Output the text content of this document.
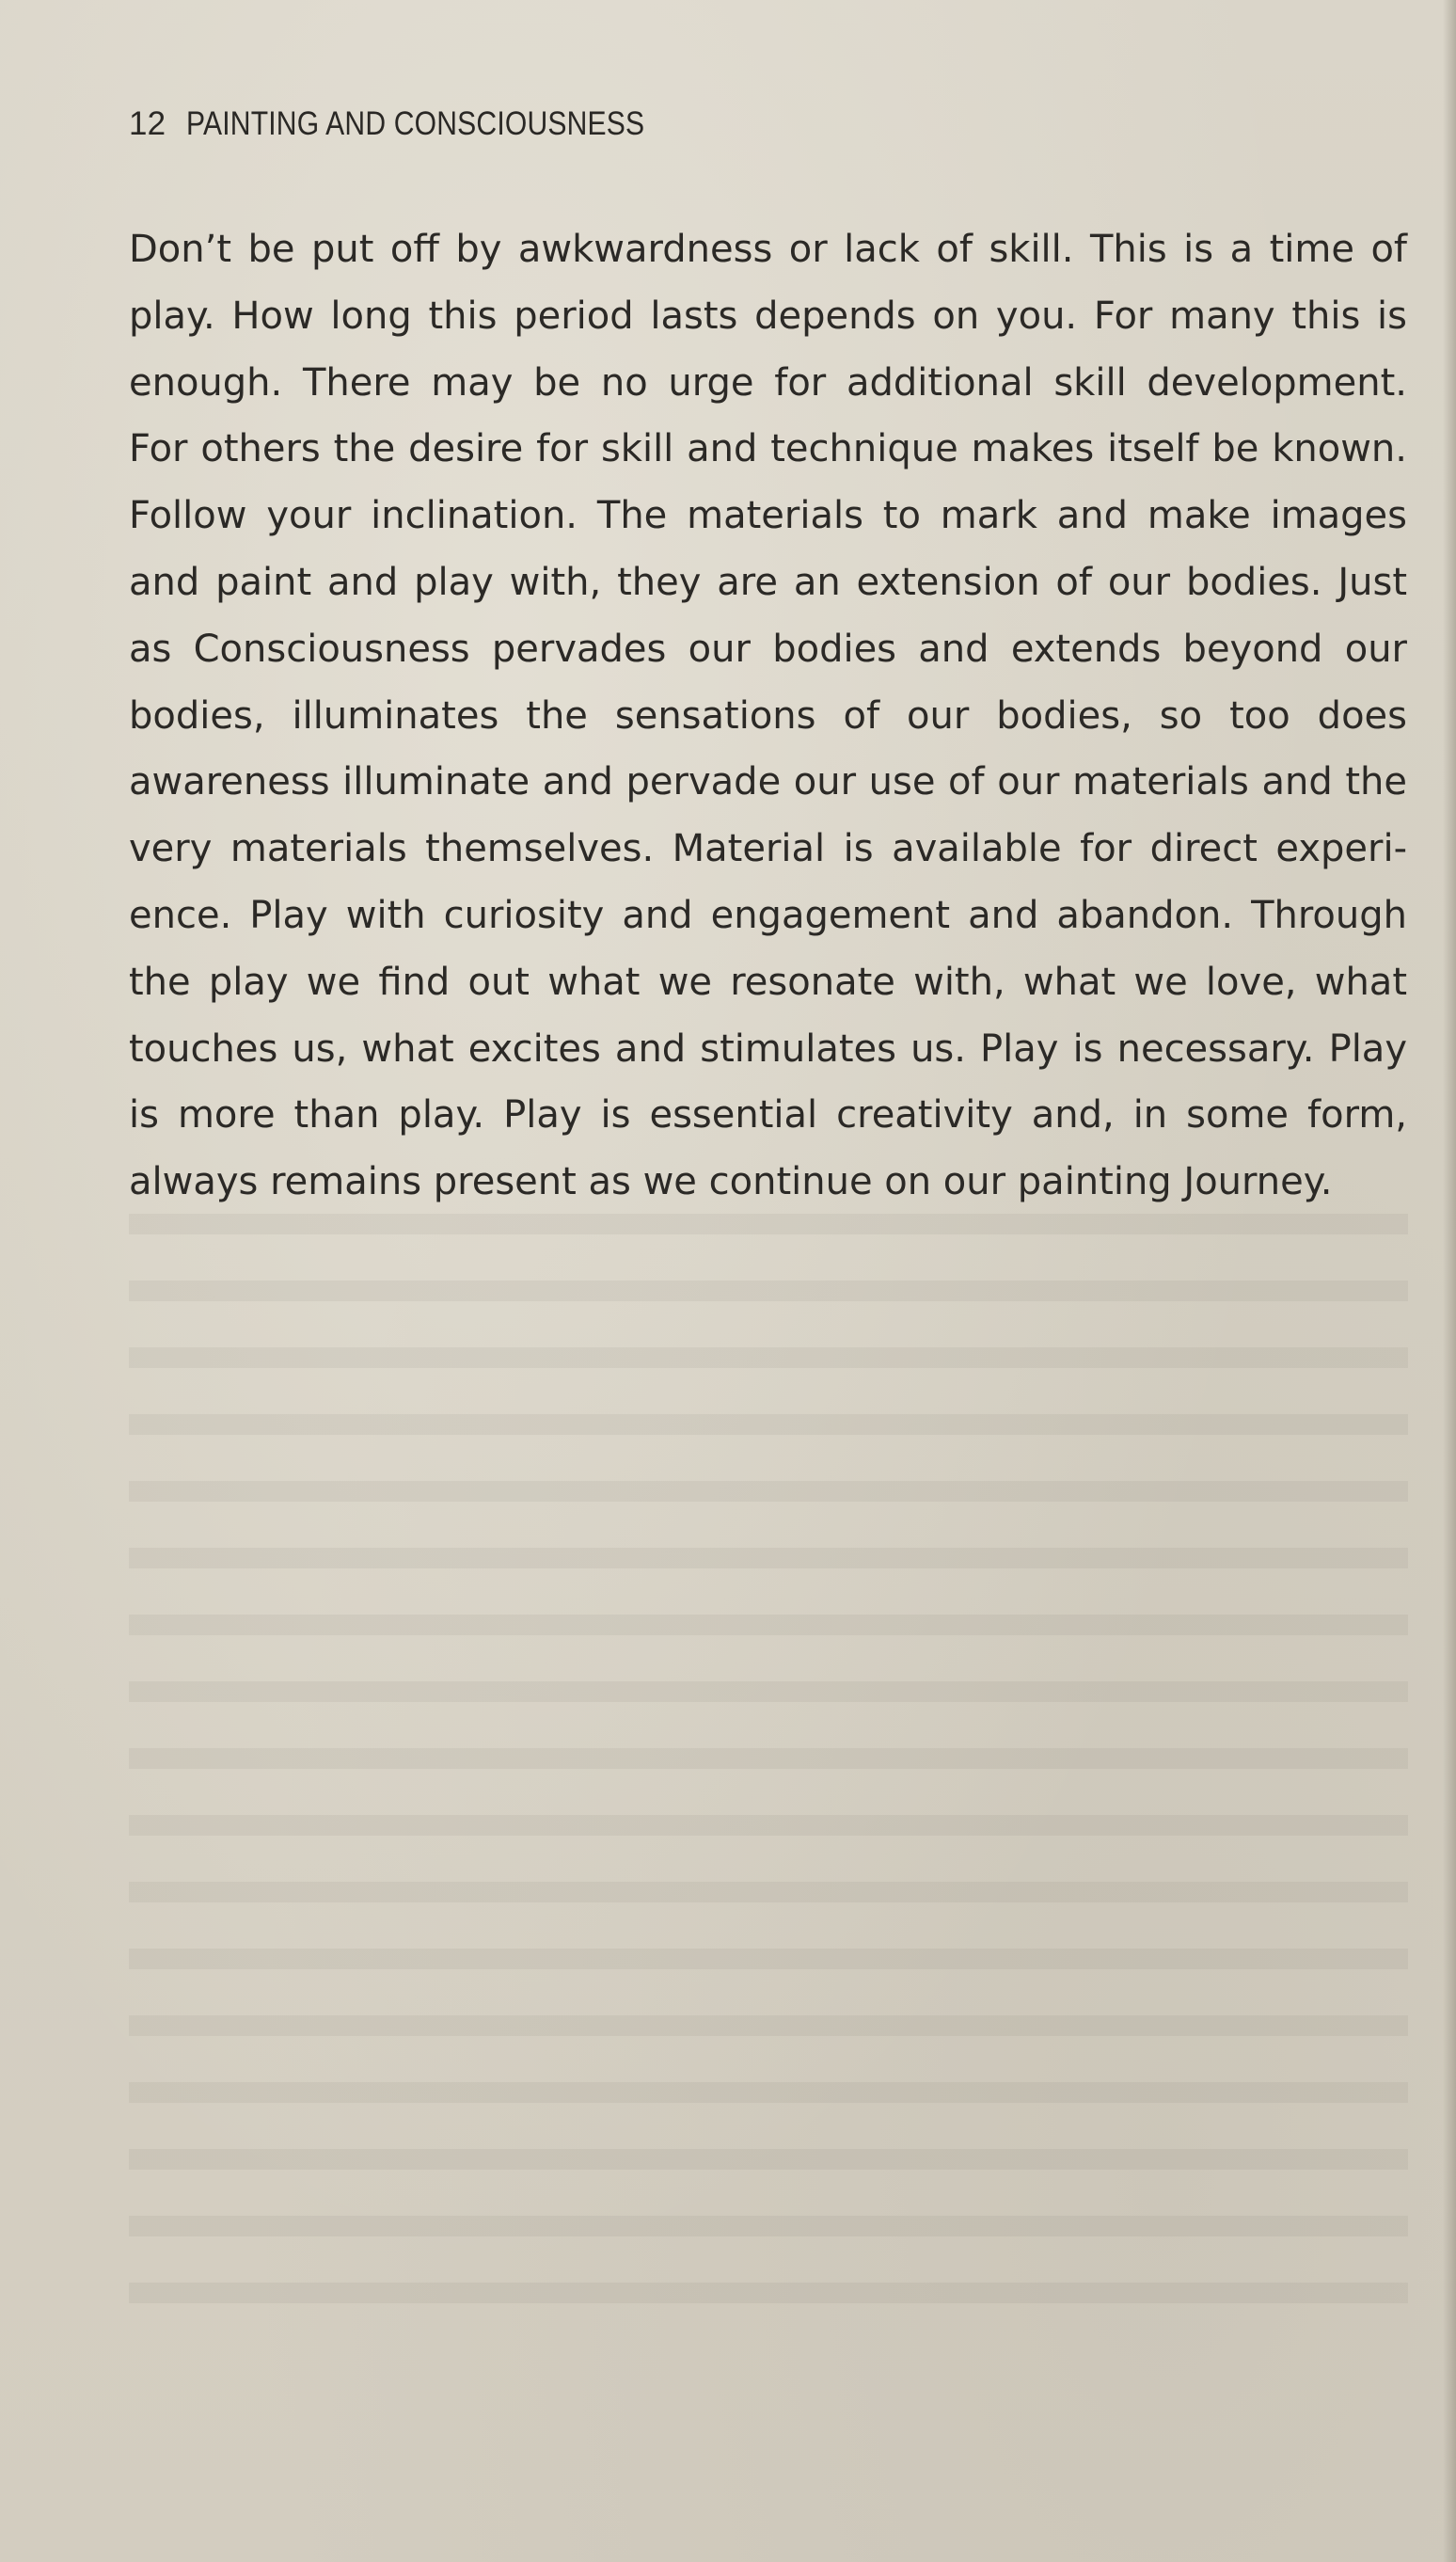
12 PAINTING AND CONSCIOUSNESS
Don’t be put off by awkwardness or lack of skill. This is a time of
play. How long this period lasts depends on you. For many this is
enough. There may be no urge for additional skill development.
For others the desire for skill and technique makes itself be known.
Follow your inclination. The materials to mark and make images
and paint and play with, they are an extension of our bodies. Just
as Consciousness pervades our bodies and extends beyond our
bodies, illuminates the sensations of our bodies, so too does
awareness illuminate and pervade our use of our materials and the
very materials themselves. Material is available for direct experi-
ence. Play with curiosity and engagement and abandon. Through
the play we find out what we resonate with, what we love, what
touches us, what excites and stimulates us. Play is necessary. Play
is more than play. Play is essential creativity and, in some form,
always remains present as we continue on our painting Journey.
